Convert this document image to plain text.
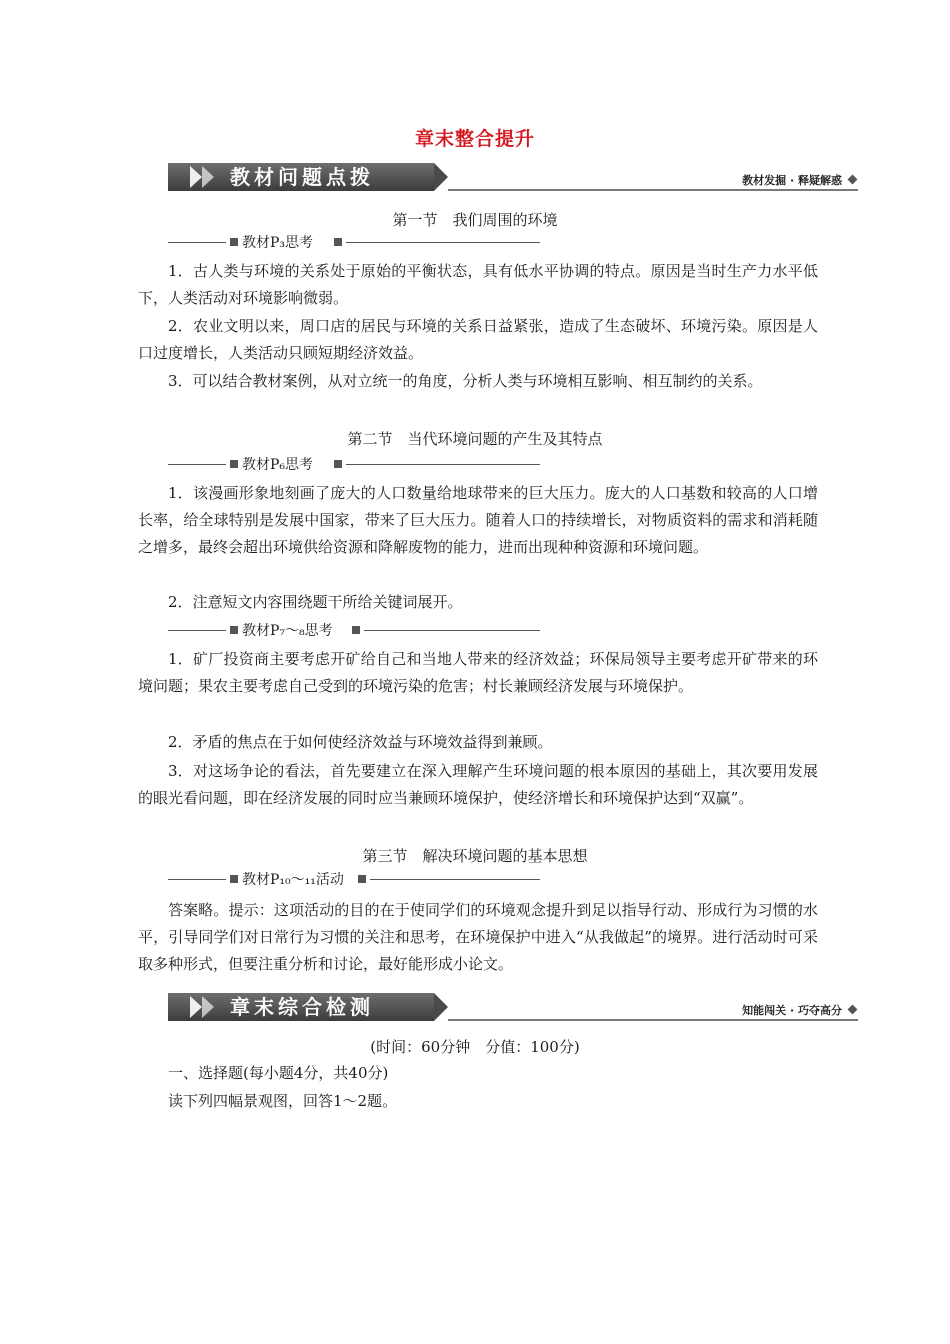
章末整合提升
教材问题点拨	教材发掘 · 释疑解惑
第一节　我们周围的环境
教材P₃思考

1．古人类与环境的关系处于原始的平衡状态，具有低水平协调的特点。原因是当时生产力水平低下，人类活动对环境影响微弱。

2．农业文明以来，周口店的居民与环境的关系日益紧张，造成了生态破坏、环境污染。原因是人口过度增长，人类活动只顾短期经济效益。

3．可以结合教材案例，从对立统一的角度，分析人类与环境相互影响、相互制约的关系。

第二节　当代环境问题的产生及其特点
教材P₆思考

1．该漫画形象地刻画了庞大的人口数量给地球带来的巨大压力。庞大的人口基数和较高的人口增长率，给全球特别是发展中国家，带来了巨大压力。随着人口的持续增长，对物质资料的需求和消耗随之增多，最终会超出环境供给资源和降解废物的能力，进而出现种种资源和环境问题。

2．注意短文内容围绕题干所给关键词展开。

教材P₇～₈思考

1．矿厂投资商主要考虑开矿给自己和当地人带来的经济效益；环保局领导主要考虑开矿带来的环境问题；果农主要考虑自己受到的环境污染的危害；村长兼顾经济发展与环境保护。

2．矛盾的焦点在于如何使经济效益与环境效益得到兼顾。

3．对这场争论的看法，首先要建立在深入理解产生环境问题的根本原因的基础上，其次要用发展的眼光看问题，即在经济发展的同时应当兼顾环境保护，使经济增长和环境保护达到“双赢”。

第三节　解决环境问题的基本思想
教材P₁₀～₁₁活动

答案略。提示：这项活动的目的在于使同学们的环境观念提升到足以指导行动、形成行为习惯的水平，引导同学们对日常行为习惯的关注和思考，在环境保护中进入“从我做起”的境界。进行活动时可采取多种形式，但要注重分析和讨论，最好能形成小论文。

章末综合检测	知能闯关 · 巧夺高分
(时间：60分钟　分值：100分)

一、选择题(每小题4分，共40分)

读下列四幅景观图，回答1～2题。
